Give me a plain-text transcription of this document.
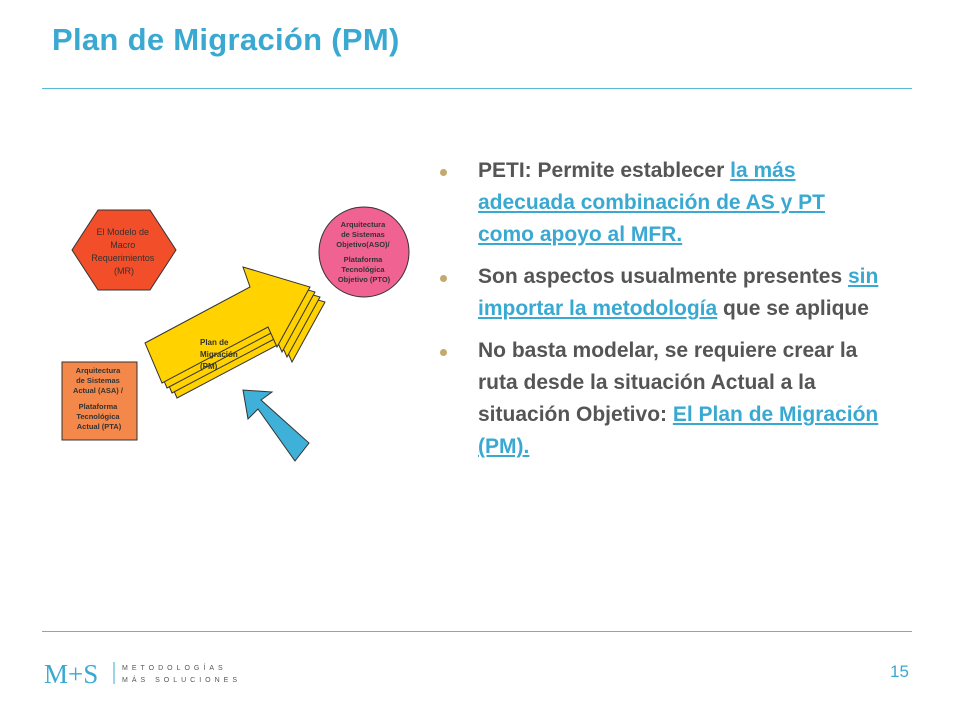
Plan de Migración (PM)
El Modelo de Macro Requerimientos (MR)
Plan de Migración (PM)
Arquitectura de Sistemas Actual (ASA) / Plataforma Tecnológica Actual (PTA)
Arquitectura de Sistemas Objetivo(ASO)/ Plataforma Tecnológica Objetivo (PTO)
PETI: Permite establecer la más adecuada combinación de AS y PT como apoyo al MFR.
Son aspectos usualmente presentes sin importar la metodología que se aplique
No basta modelar, se requiere crear la ruta desde la situación Actual a la situación Objetivo: El Plan de Migración (PM).
M+S	METODOLOGÍAS
MÁS SOLUCIONES	15
